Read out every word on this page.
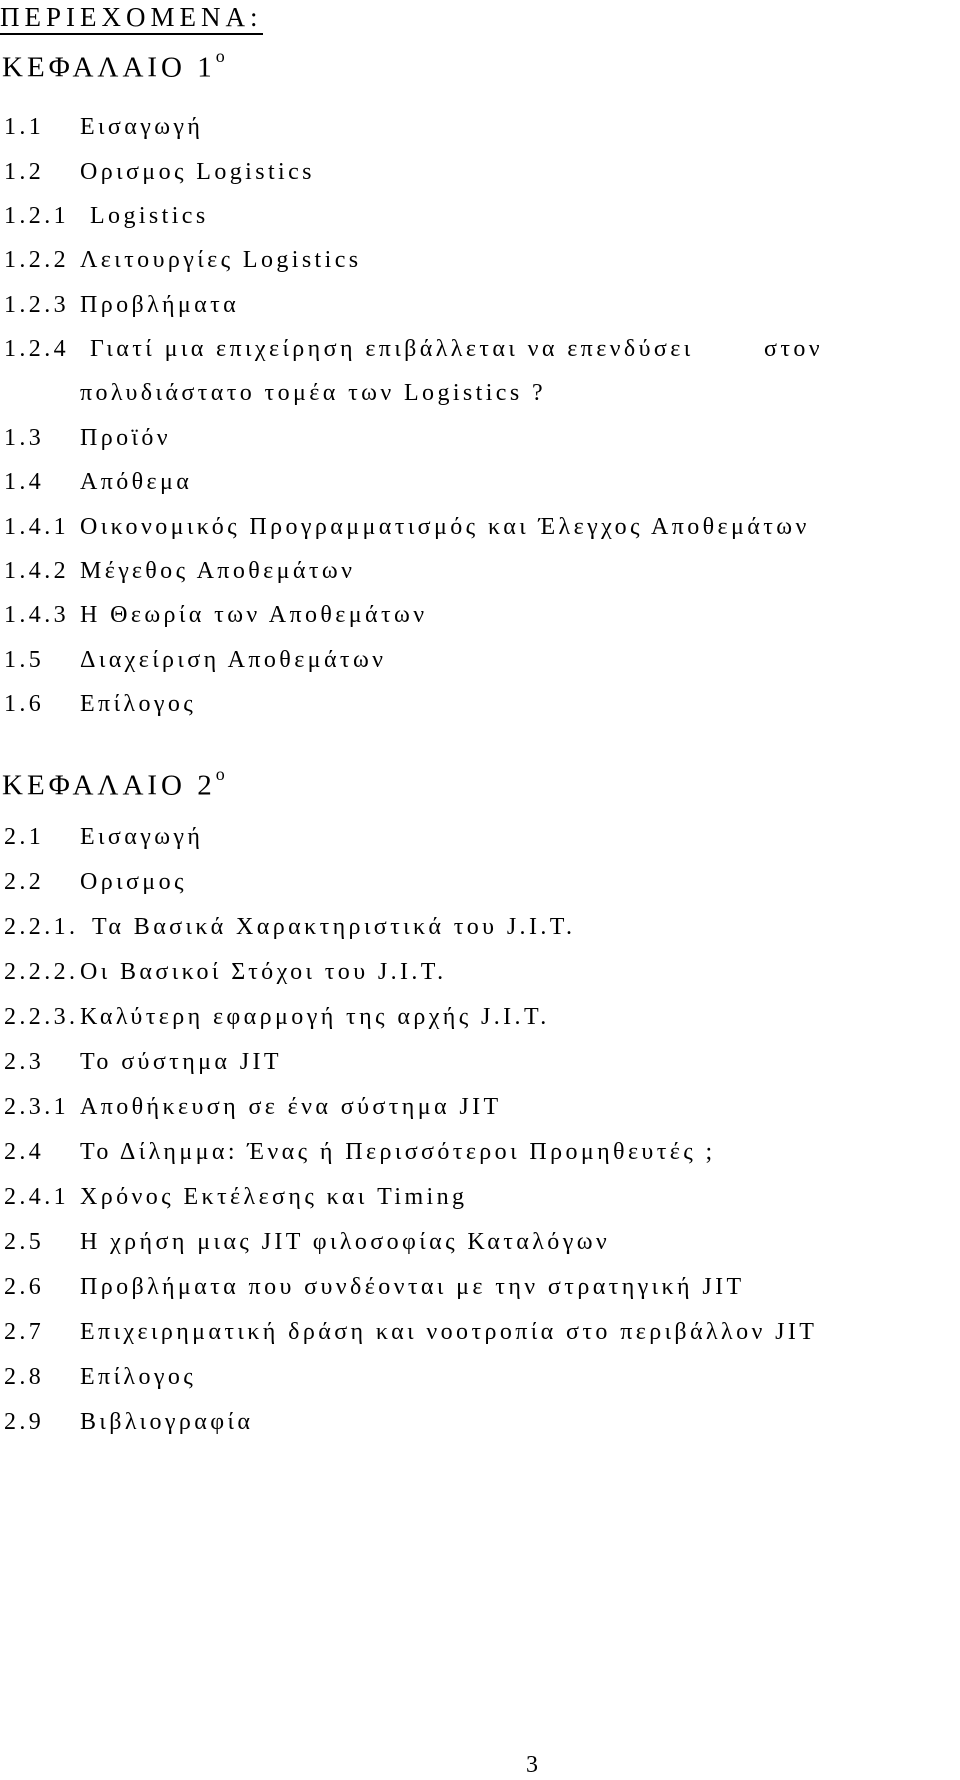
ΠΕΡΙΕΧΟΜΕΝΑ:
ΚΕΦΑΛΑΙΟ $1^o$
1.1 Εισαγωγή
1.2 Ορισμος Logistics
1.2.1 Logistics
1.2.2 Λειτουργίες Logistics
1.2.3 Προβλήματα
1.2.4 Γιατί μια επιχείρηση επιβάλλεται να επενδύσει	στον
πολυδιάστατο τομέα των Logistics ?
1.3 Προϊόν
1.4 Απόθεμα
1.4.1 Οικονομικός Προγραμματισμός και Έλεγχος Αποθεμάτων
1.4.2 Μέγεθος Αποθεμάτων
1.4.3 Η Θεωρία των Αποθεμάτων
1.5 Διαχείριση Αποθεμάτων
1.6 Επίλογος
ΚΕΦΑΛΑΙΟ $2^o$
2.1 Εισαγωγή
2.2 Ορισμος
2.2.1. Τα Βασικά Χαρακτηριστικά του J.I.T.
2.2.2. Οι Βασικοί Στόχοι του J.I.T.
2.2.3. Καλύτερη εφαρμογή της αρχής J.I.T.
2.3 Το σύστημα JIT
2.3.1 Αποθήκευση σε ένα σύστημα JIT
2.4 Το Δίλημμα: Ένας ή Περισσότεροι Προμηθευτές ;
2.4.1 Χρόνος Εκτέλεσης και Timing
2.5 Η χρήση μιας JIT φιλοσοφίας Καταλόγων
2.6 Προβλήματα που συνδέονται με την στρατηγική JIT
2.7 Επιχειρηματική δράση και νοοτροπία στο περιβάλλον JIT
2.8 Επίλογος
2.9 Βιβλιογραφία
3
